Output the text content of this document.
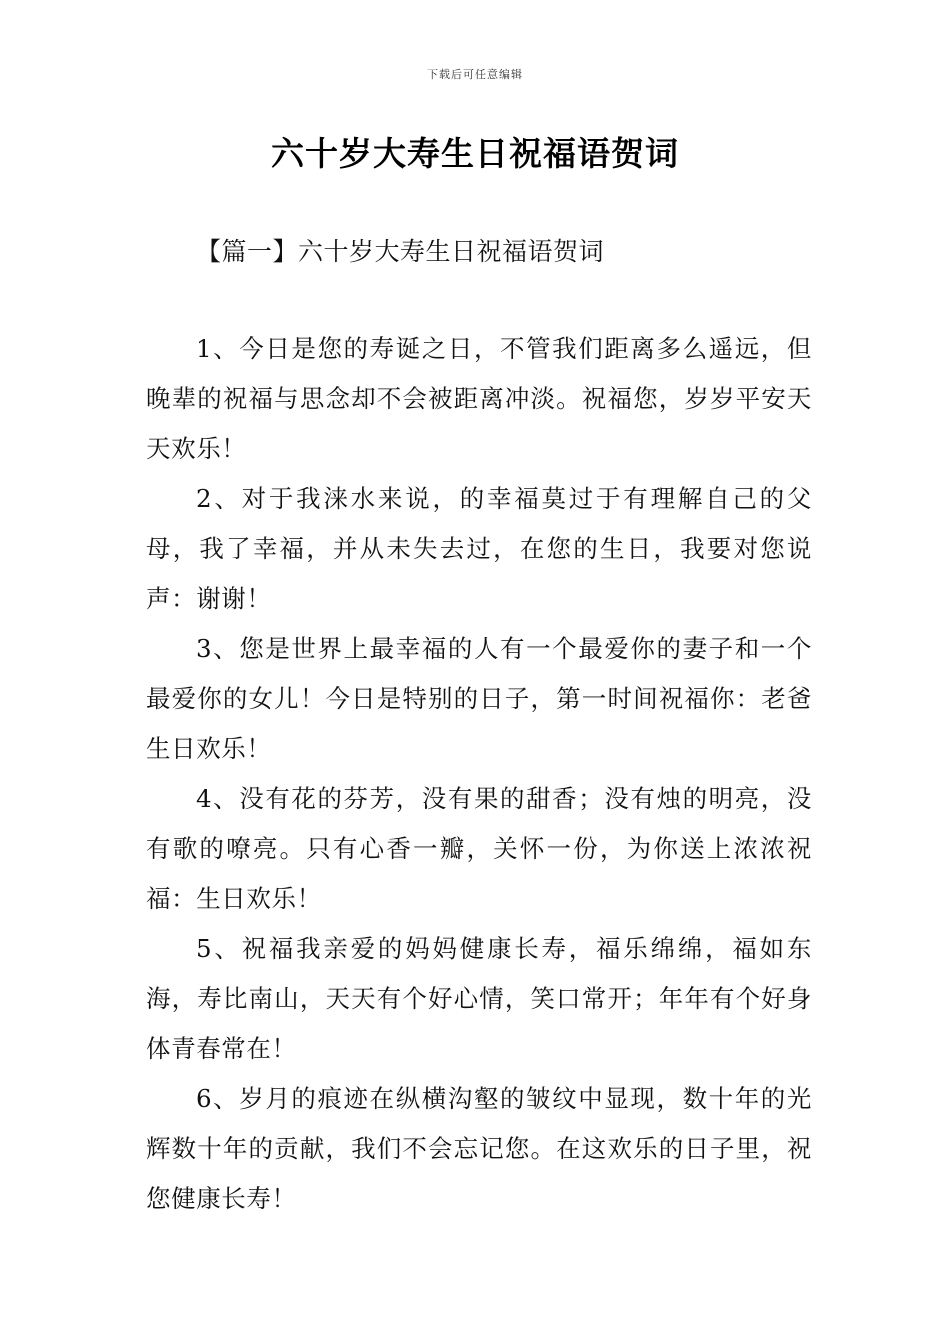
下载后可任意编辑
六十岁大寿生日祝福语贺词
【篇一】六十岁大寿生日祝福语贺词

1、今日是您的寿诞之日，不管我们距离多么遥远，但晚辈的祝福与思念却不会被距离冲淡。祝福您，岁岁平安天天欢乐！

2、对于我涞水来说，的幸福莫过于有理解自己的父母，我了幸福，并从未失去过，在您的生日，我要对您说声：谢谢！

3、您是世界上最幸福的人有一个最爱你的妻子和一个最爱你的女儿！今日是特别的日子，第一时间祝福你：老爸生日欢乐！

4、没有花的芬芳，没有果的甜香；没有烛的明亮，没有歌的嘹亮。只有心香一瓣，关怀一份，为你送上浓浓祝福：生日欢乐！

5、祝福我亲爱的妈妈健康长寿，福乐绵绵，福如东海，寿比南山，天天有个好心情，笑口常开；年年有个好身体青春常在！

6、岁月的痕迹在纵横沟壑的皱纹中显现，数十年的光辉数十年的贡献，我们不会忘记您。在这欢乐的日子里，祝您健康长寿！
